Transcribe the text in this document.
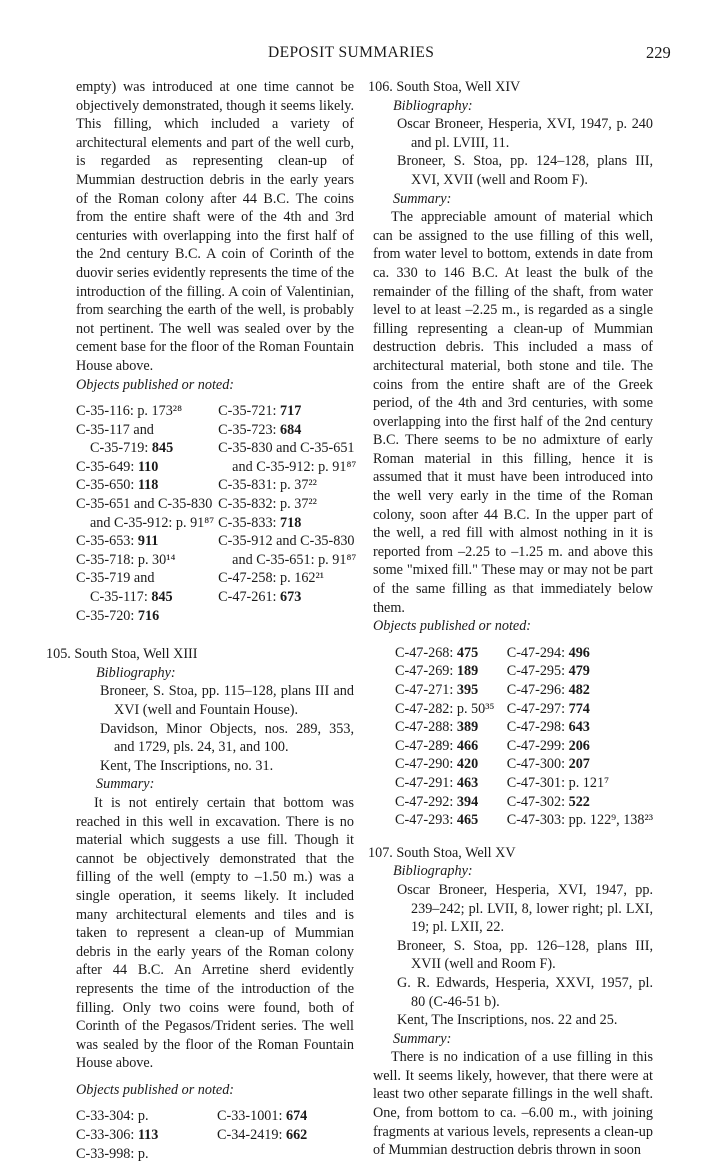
DEPOSIT SUMMARIES	229

empty) was introduced at one time cannot be objectively demonstrated, though it seems likely. This filling, which included a variety of architectural elements and part of the well curb, is regarded as representing clean-up of Mummian destruction debris in the early years of the Roman colony after 44 B.C. The coins from the entire shaft were of the 4th and 3rd centuries with overlapping into the first half of the 2nd century B.C. A coin of Corinth of the duovir series evidently represents the time of the introduction of the filling. A coin of Valentinian, from searching the earth of the well, is probably not pertinent. The well was sealed over by the cement base for the floor of the Roman Fountain House above.

Objects published or noted:

C-35-116: p. 173²⁸
C-35-117 and
C-35-719: 845
C-35-649: 110
C-35-650: 118
C-35-651 and C-35-830
and C-35-912: p. 91⁸⁷
C-35-653: 911
C-35-718: p. 30¹⁴
C-35-719 and
C-35-117: 845
C-35-720: 716
C-35-721: 717
C-35-723: 684
C-35-830 and C-35-651
and C-35-912: p. 91⁸⁷
C-35-831: p. 37²²
C-35-832: p. 37²²
C-35-833: 718
C-35-912 and C-35-830
and C-35-651: p. 91⁸⁷
C-47-258: p. 162²¹
C-47-261: 673

105. South Stoa, Well XIII

Bibliography:

Broneer, S. Stoa, pp. 115–128, plans III and XVI (well and Fountain House).

Davidson, Minor Objects, nos. 289, 353, and 1729, pls. 24, 31, and 100.

Kent, The Inscriptions, no. 31.

Summary:

It is not entirely certain that bottom was reached in this well in excavation. There is no material which suggests a use fill. Though it cannot be objectively demonstrated that the filling of the well (empty to –1.50 m.) was a single operation, it seems likely. It included many architectural elements and tiles and is taken to represent a clean-up of Mummian debris in the early years of the Roman colony after 44 B.C. An Arretine sherd evidently represents the time of the introduction of the filling. Only two coins were found, both of Corinth of the Pegasos/Trident series. The well was sealed by the floor of the Roman Fountain House above.

Objects published or noted:

C-33-304: p.
C-33-306: 113
C-33-998: p.
C-33-1001: 674
C-34-2419: 662

106. South Stoa, Well XIV

Bibliography:

Oscar Broneer, Hesperia, XVI, 1947, p. 240 and pl. LVIII, 11.

Broneer, S. Stoa, pp. 124–128, plans III, XVI, XVII (well and Room F).

Summary:

The appreciable amount of material which can be assigned to the use filling of this well, from water level to bottom, extends in date from ca. 330 to 146 B.C. At least the bulk of the remainder of the filling of the shaft, from water level to at least –2.25 m., is regarded as a single filling representing a clean-up of Mummian destruction debris. This included a mass of architectural material, both stone and tile. The coins from the entire shaft are of the Greek period, of the 4th and 3rd centuries, with some overlapping into the first half of the 2nd century B.C. There seems to be no admixture of early Roman material in this filling, hence it is assumed that it must have been introduced into the well very early in the time of the Roman colony, soon after 44 B.C. In the upper part of the well, a red fill with almost nothing in it is reported from –2.25 to –1.25 m. and above this some "mixed fill." These may or may not be part of the same filling as that immediately below them.

Objects published or noted:

C-47-268: 475
C-47-269: 189
C-47-271: 395
C-47-282: p. 50³⁵
C-47-288: 389
C-47-289: 466
C-47-290: 420
C-47-291: 463
C-47-292: 394
C-47-293: 465
C-47-294: 496
C-47-295: 479
C-47-296: 482
C-47-297: 774
C-47-298: 643
C-47-299: 206
C-47-300: 207
C-47-301: p. 121⁷
C-47-302: 522
C-47-303: pp. 122⁹, 138²³

107. South Stoa, Well XV

Bibliography:

Oscar Broneer, Hesperia, XVI, 1947, pp. 239–242; pl. LVII, 8, lower right; pl. LXI, 19; pl. LXII, 22.

Broneer, S. Stoa, pp. 126–128, plans III, XVII (well and Room F).

G. R. Edwards, Hesperia, XXVI, 1957, pl. 80 (C-46-51 b).

Kent, The Inscriptions, nos. 22 and 25.

Summary:

There is no indication of a use filling in this well. It seems likely, however, that there were at least two other separate fillings in the well shaft. One, from bottom to ca. –6.00 m., with joining fragments at various levels, represents a clean-up of Mummian destruction debris thrown in soon
